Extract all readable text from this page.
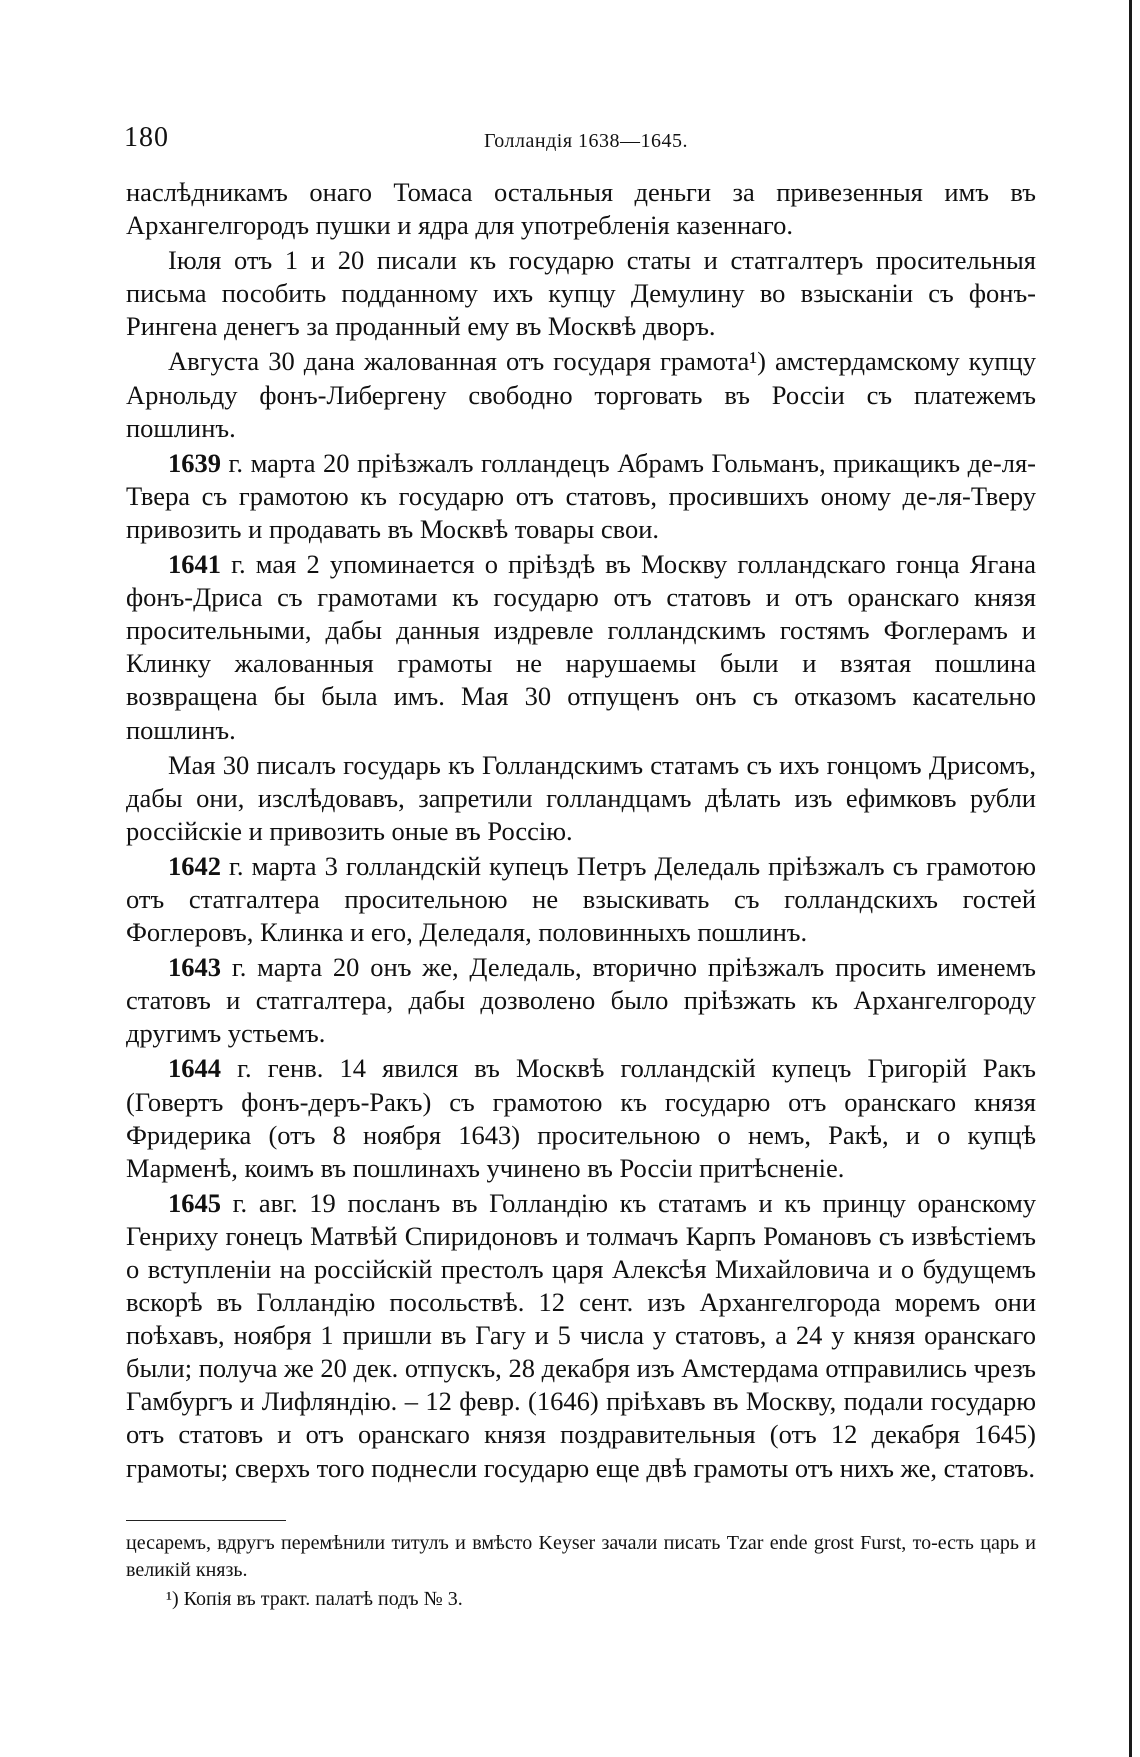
180	Голландія 1638—1645.

наслѣдникамъ онаго Томаса остальныя деньги за привезенныя имъ въ Архангелгородъ пушки и ядра для употребленія казеннаго.

Іюля отъ 1 и 20 писали къ государю статы и статгалтеръ просительныя письма пособить подданному ихъ купцу Демулину во взысканіи съ фонъ-Рингена денегъ за проданный ему въ Москвѣ дворъ.

Августа 30 дана жалованная отъ государя грамота¹) амстердамскому купцу Арнольду фонъ-Либергену свободно торговать въ Россіи съ платежемъ пошлинъ.

1639 г. марта 20 пріѣзжалъ голландецъ Абрамъ Гольманъ, прикащикъ де-ля-Твера съ грамотою къ государю отъ статовъ, просившихъ оному де-ля-Тверу привозить и продавать въ Москвѣ товары свои.

1641 г. мая 2 упоминается о пріѣздѣ въ Москву голландскаго гонца Ягана фонъ-Дриса съ грамотами къ государю отъ статовъ и отъ оранскаго князя просительными, дабы данныя издревле голландскимъ гостямъ Фоглерамъ и Клинку жалованныя грамоты не нарушаемы были и взятая пошлина возвращена бы была имъ. Мая 30 отпущенъ онъ съ отказомъ касательно пошлинъ.

Мая 30 писалъ государь къ Голландскимъ статамъ съ ихъ гонцомъ Дрисомъ, дабы они, изслѣдовавъ, запретили голландцамъ дѣлать изъ ефимковъ рубли россійскіе и привозить оные въ Россію.

1642 г. марта 3 голландскій купецъ Петръ Деледаль пріѣзжалъ съ грамотою отъ статгалтера просительною не взыскивать съ голландскихъ гостей Фоглеровъ, Клинка и его, Деледаля, половинныхъ пошлинъ.

1643 г. марта 20 онъ же, Деледаль, вторично пріѣзжалъ просить именемъ статовъ и статгалтера, дабы дозволено было пріѣзжать къ Архангелгороду другимъ устьемъ.

1644 г. генв. 14 явился въ Москвѣ голландскій купецъ Григорій Ракъ (Говертъ фонъ-деръ-Ракъ) съ грамотою къ государю отъ оранскаго князя Фридерика (отъ 8 ноября 1643) просительною о немъ, Ракѣ, и о купцѣ Марменѣ, коимъ въ пошлинахъ учинено въ Россіи притѣсненіе.

1645 г. авг. 19 посланъ въ Голландію къ статамъ и къ принцу оранскому Генриху гонецъ Матвѣй Спиридоновъ и толмачъ Карпъ Романовъ съ извѣстіемъ о вступленіи на россійскій престолъ царя Алексѣя Михайловича и о будущемъ вскорѣ въ Голландію посольствѣ. 12 сент. изъ Архангелгорода моремъ они поѣхавъ, ноября 1 пришли въ Гагу и 5 числа у статовъ, а 24 у князя оранскаго были; получа же 20 дек. отпускъ, 28 декабря изъ Амстердама отправились чрезъ Гамбургъ и Лифляндію. – 12 февр. (1646) пріѣхавъ въ Москву, подали государю отъ статовъ и отъ оранскаго князя поздравительныя (отъ 12 декабря 1645) грамоты; сверхъ того поднесли государю еще двѣ грамоты отъ нихъ же, статовъ.

цесаремъ, вдругъ перемѣнили титулъ и вмѣсто Keyser зачали писать Tzar ende grost Furst, то-есть царь и великій князь.

¹) Копія въ тракт. палатѣ подъ № 3.
